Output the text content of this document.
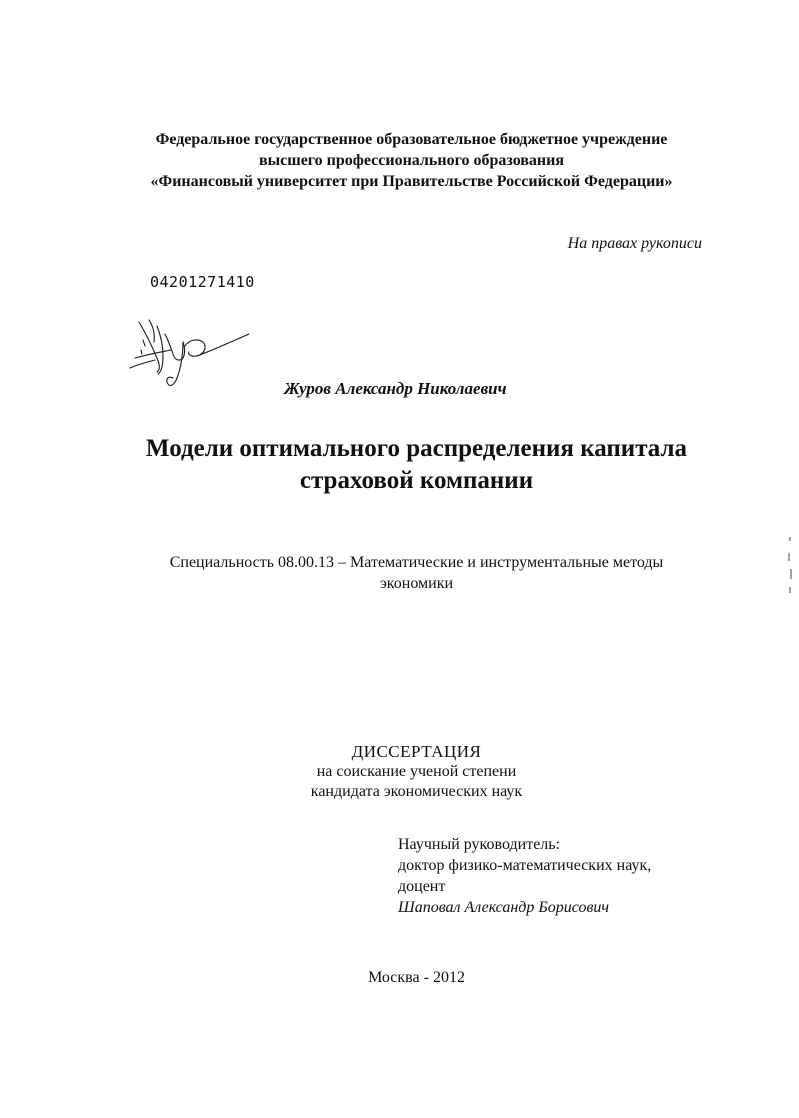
Федеральное государственное образовательное бюджетное учреждение
высшего профессионального образования
«Финансовый университет при Правительстве Российской Федерации»
На правах рукописи
04201271410
Журов Александр Николаевич
Модели оптимального распределения капитала
страховой компании
Специальность 08.00.13 – Математические и инструментальные методы
экономики
ДИССЕРТАЦИЯ
на соискание ученой степени
кандидата экономических наук
Научный руководитель:
доктор физико-математических наук,
доцент
Шаповал Александр Борисович
Москва - 2012
